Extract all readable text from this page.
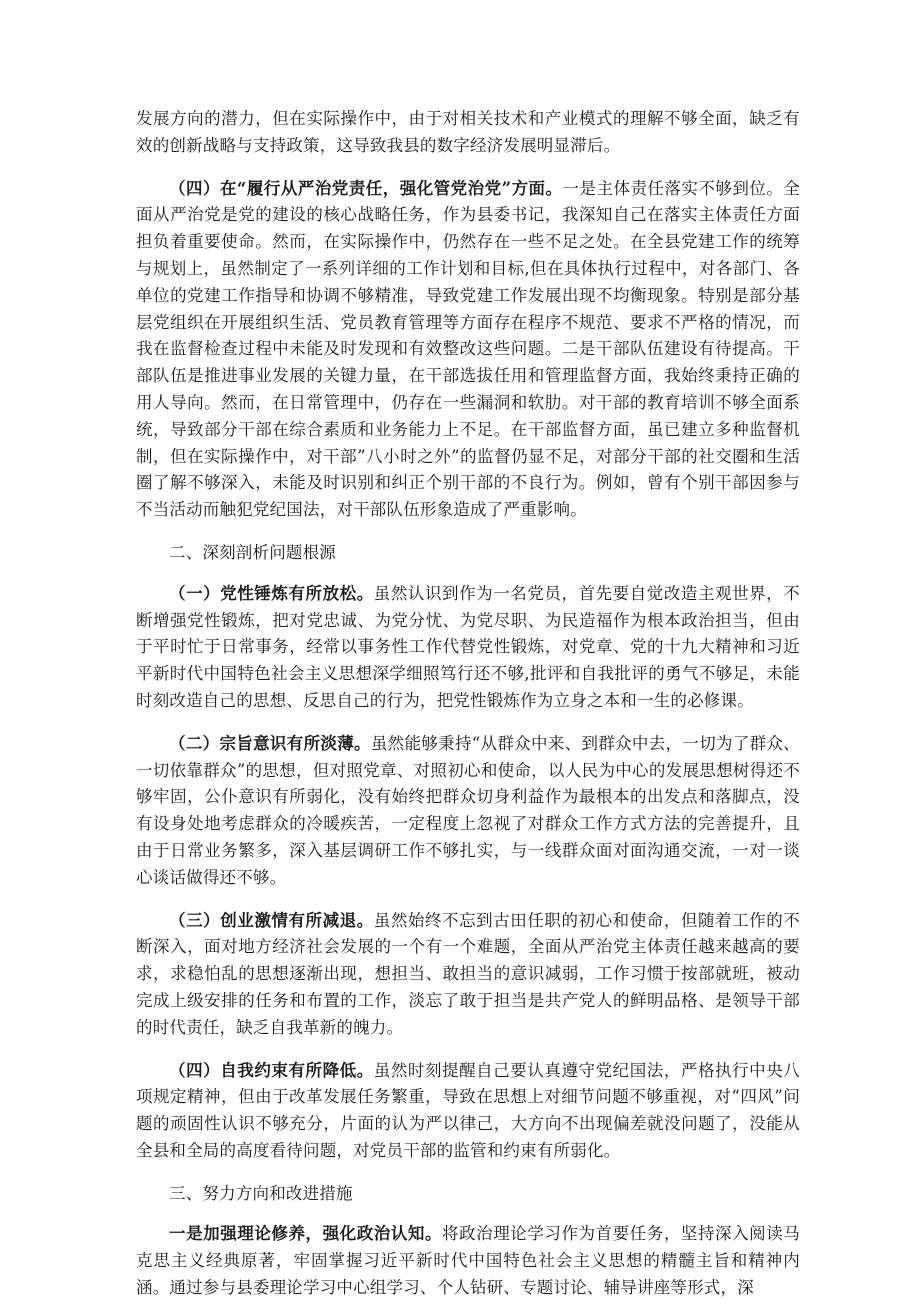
发展方向的潜力，但在实际操作中，由于对相关技术和产业模式的理解不够全面，缺乏有效的创新战略与支持政策，这导致我县的数字经济发展明显滞后。

（四）在“履行从严治党责任，强化管党治党”方面。一是主体责任落实不够到位。全面从严治党是党的建设的核心战略任务，作为县委书记，我深知自己在落实主体责任方面担负着重要使命。然而，在实际操作中，仍然存在一些不足之处。在全县党建工作的统筹与规划上，虽然制定了一系列详细的工作计划和目标,但在具体执行过程中，对各部门、各单位的党建工作指导和协调不够精准，导致党建工作发展出现不均衡现象。特别是部分基层党组织在开展组织生活、党员教育管理等方面存在程序不规范、要求不严格的情况，而我在监督检查过程中未能及时发现和有效整改这些问题。二是干部队伍建设有待提高。干部队伍是推进事业发展的关键力量，在干部选拔任用和管理监督方面，我始终秉持正确的用人导向。然而，在日常管理中，仍存在一些漏洞和软肋。对干部的教育培训不够全面系统，导致部分干部在综合素质和业务能力上不足。在干部监督方面，虽已建立多种监督机制，但在实际操作中，对干部”八小时之外”的监督仍显不足，对部分干部的社交圈和生活圈了解不够深入，未能及时识别和纠正个别干部的不良行为。例如，曾有个别干部因参与不当活动而触犯党纪国法，对干部队伍形象造成了严重影响。

二、深刻剖析问题根源

（一）党性锤炼有所放松。虽然认识到作为一名党员，首先要自觉改造主观世界，不断增强党性锻炼，把对党忠诚、为党分忧、为党尽职、为民造福作为根本政治担当，但由于平时忙于日常事务，经常以事务性工作代替党性锻炼，对党章、党的十九大精神和习近平新时代中国特色社会主义思想深学细照笃行还不够,批评和自我批评的勇气不够足，未能时刻改造自己的思想、反思自己的行为，把党性锻炼作为立身之本和一生的必修课。

（二）宗旨意识有所淡薄。虽然能够秉持“从群众中来、到群众中去，一切为了群众、一切依靠群众”的思想，但对照党章、对照初心和使命，以人民为中心的发展思想树得还不够牢固，公仆意识有所弱化，没有始终把群众切身利益作为最根本的出发点和落脚点，没有设身处地考虑群众的冷暖疾苦，一定程度上忽视了对群众工作方式方法的完善提升，且由于日常业务繁多，深入基层调研工作不够扎实，与一线群众面对面沟通交流，一对一谈心谈话做得还不够。

（三）创业激情有所减退。虽然始终不忘到古田任职的初心和使命，但随着工作的不断深入，面对地方经济社会发展的一个有一个难题，全面从严治党主体责任越来越高的要求，求稳怕乱的思想逐渐出现，想担当、敢担当的意识减弱，工作习惯于按部就班，被动完成上级安排的任务和布置的工作，淡忘了敢于担当是共产党人的鲜明品格、是领导干部的时代责任，缺乏自我革新的魄力。

（四）自我约束有所降低。虽然时刻提醒自己要认真遵守党纪国法，严格执行中央八项规定精神，但由于改革发展任务繁重，导致在思想上对细节问题不够重视，对“四风”问题的顽固性认识不够充分，片面的认为严以律己，大方向不出现偏差就没问题了，没能从全县和全局的高度看待问题，对党员干部的监管和约束有所弱化。

三、努力方向和改进措施

一是加强理论修养，强化政治认知。将政治理论学习作为首要任务，坚持深入阅读马克思主义经典原著，牢固掌握习近平新时代中国特色社会主义思想的精髓主旨和精神内涵。通过参与县委理论学习中心组学习、个人钻研、专题讨论、辅导讲座等形式，深
